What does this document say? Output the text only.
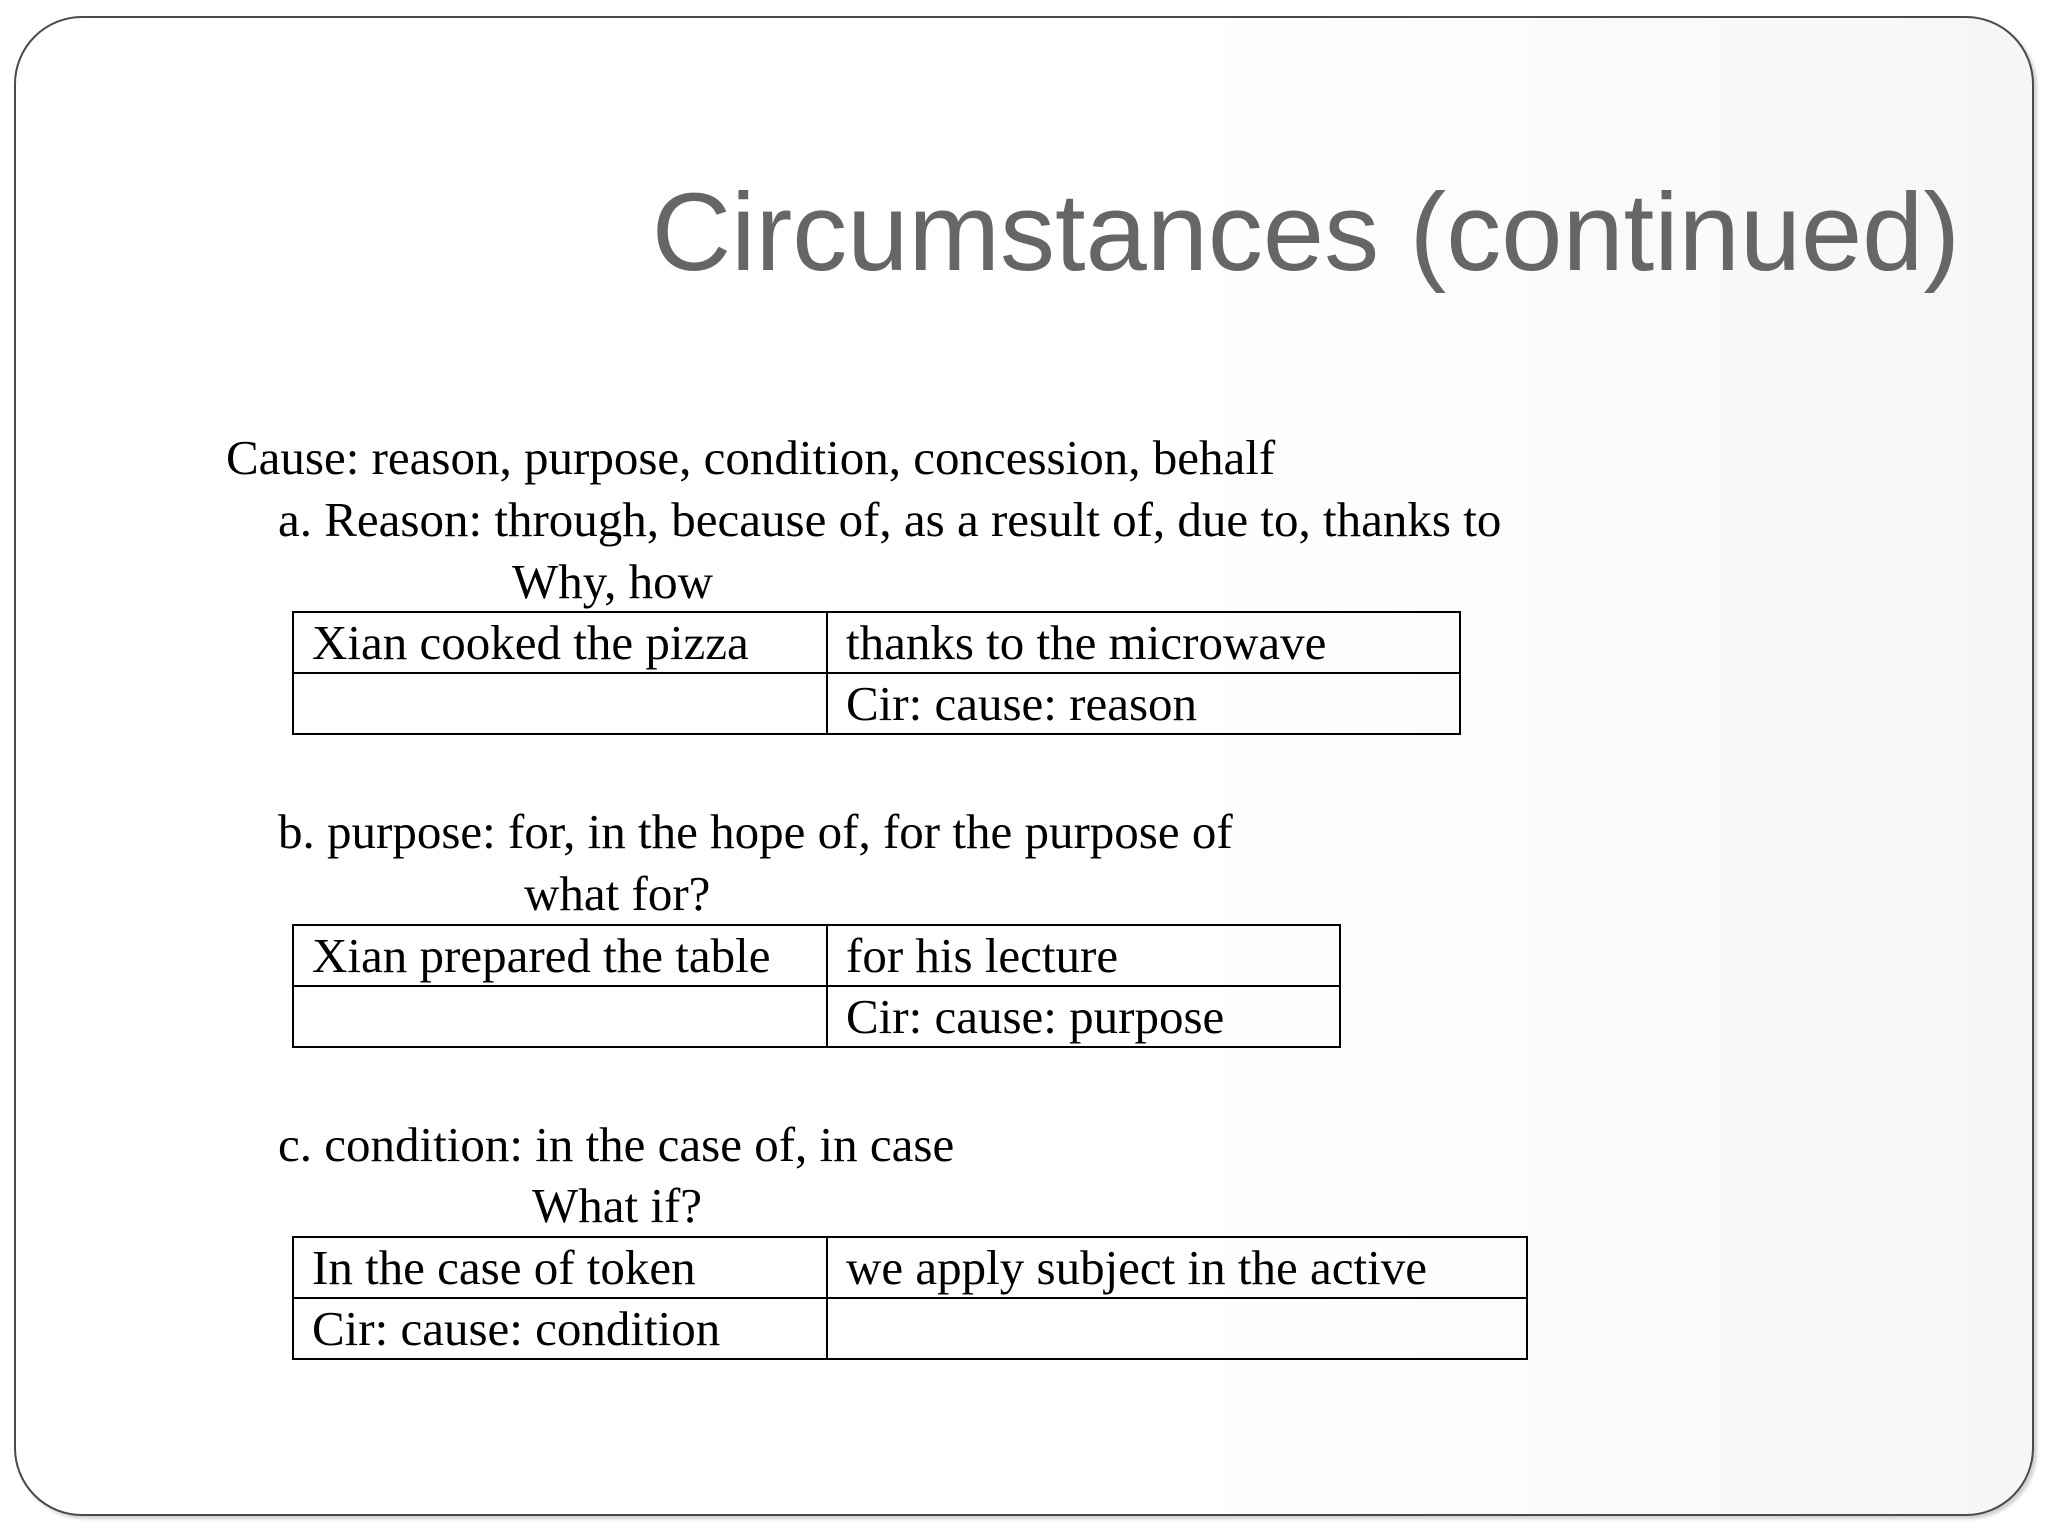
Circumstances (continued)
Cause: reason, purpose, condition, concession, behalf
a. Reason: through, because of, as a result of, due to, thanks to
Why, how
Xian cooked the pizza	thanks to the microwave
	Cir: cause: reason
b. purpose: for, in the hope of, for the purpose of
what for?
Xian prepared the table	for his lecture
	Cir: cause: purpose
c. condition: in the case of, in case
What if?
In the case of token	we apply subject in the active
Cir: cause: condition	
